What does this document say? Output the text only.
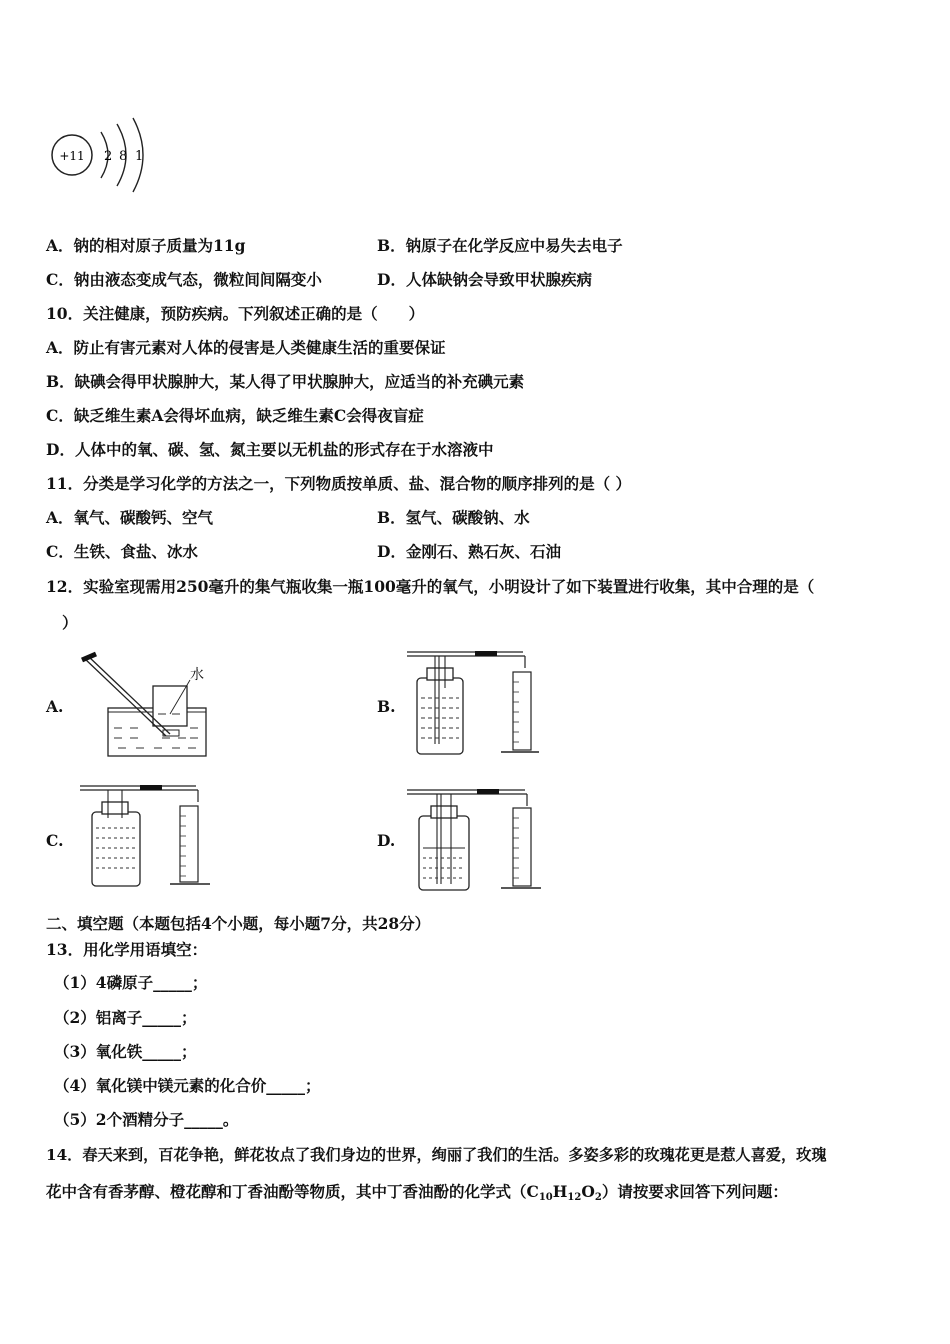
+11 2 8 1
A．钠的相对原子质量为11g	B．钠原子在化学反应中易失去电子
C．钠由液态变成气态，微粒间间隔变小	D．人体缺钠会导致甲状腺疾病
10．关注健康，预防疾病。下列叙述正确的是（　　）
A．防止有害元素对人体的侵害是人类健康生活的重要保证
B．缺碘会得甲状腺肿大，某人得了甲状腺肿大，应适当的补充碘元素
C．缺乏维生素A会得坏血病，缺乏维生素C会得夜盲症
D．人体中的氧、碳、氢、氮主要以无机盐的形式存在于水溶液中
11．分类是学习化学的方法之一，下列物质按单质、盐、混合物的顺序排列的是（ ）
A．氧气、碳酸钙、空气	B．氢气、碳酸钠、水
C．生铁、食盐、冰水	D．金刚石、熟石灰、石油
12．实验室现需用250毫升的集气瓶收集一瓶100毫升的氧气，小明设计了如下装置进行收集，其中合理的是（
）
A.	B.
C.	D.
水
二、填空题（本题包括4个小题，每小题7分，共28分）
13．用化学用语填空：
（1）4磷原子_____；
（2）铝离子_____；
（3）氧化铁_____；
（4）氧化镁中镁元素的化合价_____；
（5）2个酒精分子_____。
14．春天来到，百花争艳，鲜花妆点了我们身边的世界，绚丽了我们的生活。多姿多彩的玫瑰花更是惹人喜爱，玫瑰
花中含有香茅醇、橙花醇和丁香油酚等物质，其中丁香油酚的化学式$(C_{10}H_{12}O_2)$请按要求回答下列问题：
